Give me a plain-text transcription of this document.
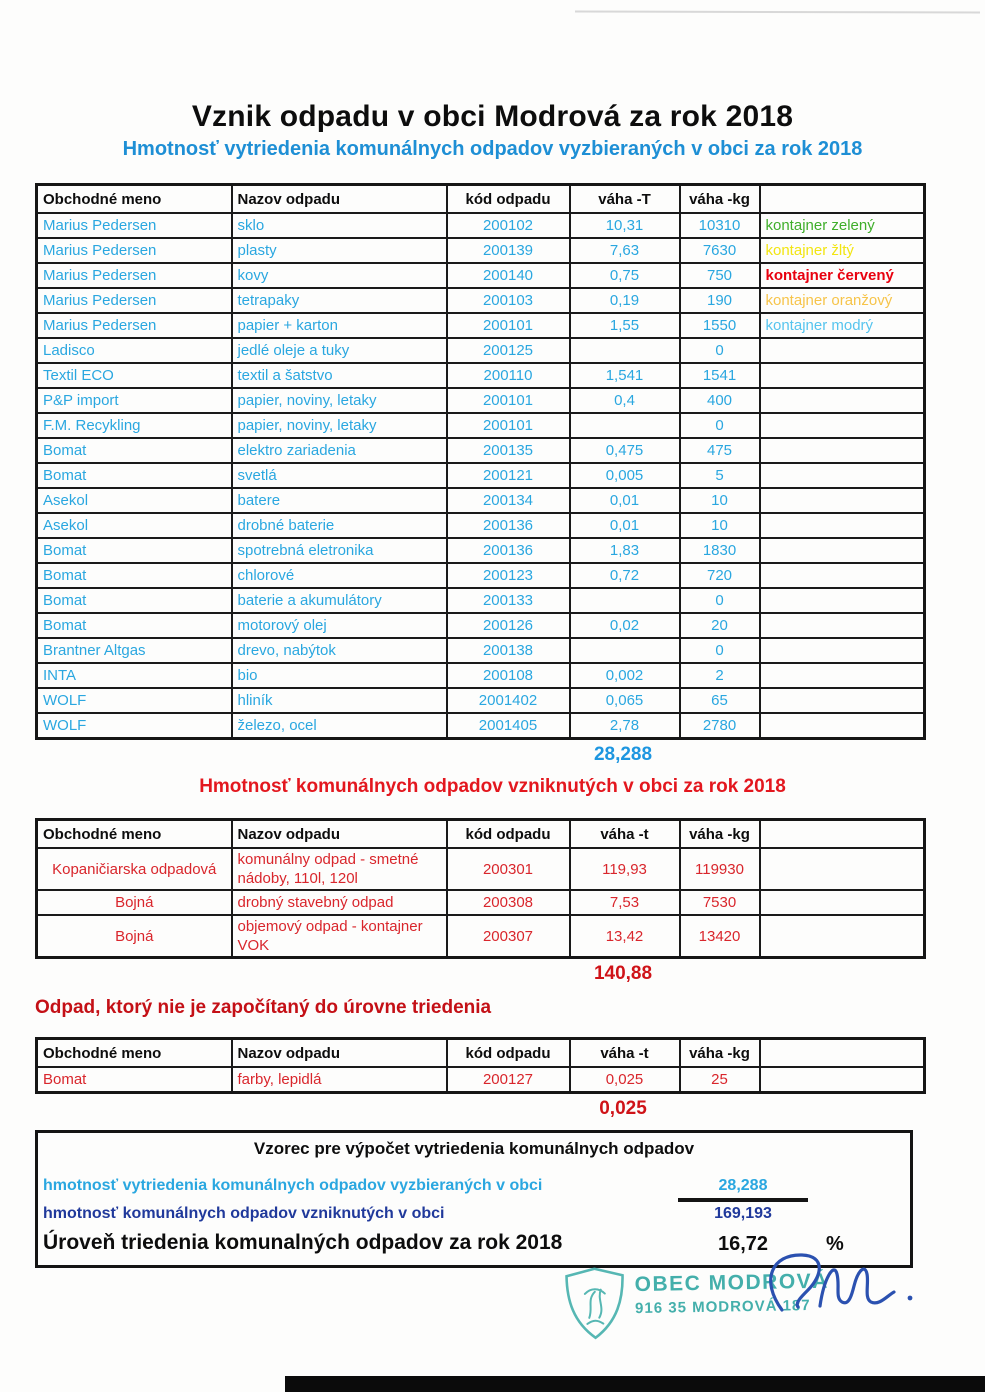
Vznik odpadu v obci Modrová za rok 2018
Hmotnosť vytriedenia komunálnych odpadov vyzbieraných v obci za rok 2018
Obchodné meno	Nazov odpadu	kód odpadu	váha -T	váha -kg	
Marius Pedersen	sklo	200102	10,31	10310	kontajner zelený
Marius Pedersen	plasty	200139	7,63	7630	kontajner žltý
Marius Pedersen	kovy	200140	0,75	750	kontajner červený
Marius Pedersen	tetrapaky	200103	0,19	190	kontajner oranžový
Marius Pedersen	papier + karton	200101	1,55	1550	kontajner modrý
Ladisco	jedlé oleje a tuky	200125		0	
Textil ECO	textil a šatstvo	200110	1,541	1541	
P&P import	papier, noviny, letaky	200101	0,4	400	
F.M. Recykling	papier, noviny, letaky	200101		0	
Bomat	elektro zariadenia	200135	0,475	475	
Bomat	svetlá	200121	0,005	5	
Asekol	batere	200134	0,01	10	
Asekol	drobné baterie	200136	0,01	10	
Bomat	spotrebná eletronika	200136	1,83	1830	
Bomat	chlorové	200123	0,72	720	
Bomat	baterie a akumulátory	200133		0	
Bomat	motorový olej	200126	0,02	20	
Brantner Altgas	drevo, nabýtok	200138		0	
INTA	bio	200108	0,002	2	
WOLF	hliník	2001402	0,065	65	
WOLF	železo, ocel	2001405	2,78	2780	
28,288
Hmotnosť komunálnych odpadov vzniknutých v obci za rok 2018
Obchodné meno	Nazov odpadu	kód odpadu	váha -t	váha -kg	
Kopaničiarska odpadová	komunálny odpad - smetné nádoby, 110l, 120l	200301	119,93	119930	
Bojná	drobný stavebný odpad	200308	7,53	7530	
Bojná	objemový odpad - kontajner VOK	200307	13,42	13420	
140,88
Odpad, ktorý nie je započítaný do úrovne triedenia
Obchodné meno	Nazov odpadu	kód odpadu	váha -t	váha -kg	
Bomat	farby, lepidlá	200127	0,025	25	
0,025
Vzorec pre výpočet vytriedenia komunálnych odpadov
hmotnosť vytriedenia komunálnych odpadov vyzbieraných v obci	28,288
hmotnosť komunálnych odpadov vzniknutých v obci	169,193
Úroveň triedenia komunalných odpadov za rok 2018	16,72	%
OBEC MODROVÁ
916 35 MODROVÁ 187
